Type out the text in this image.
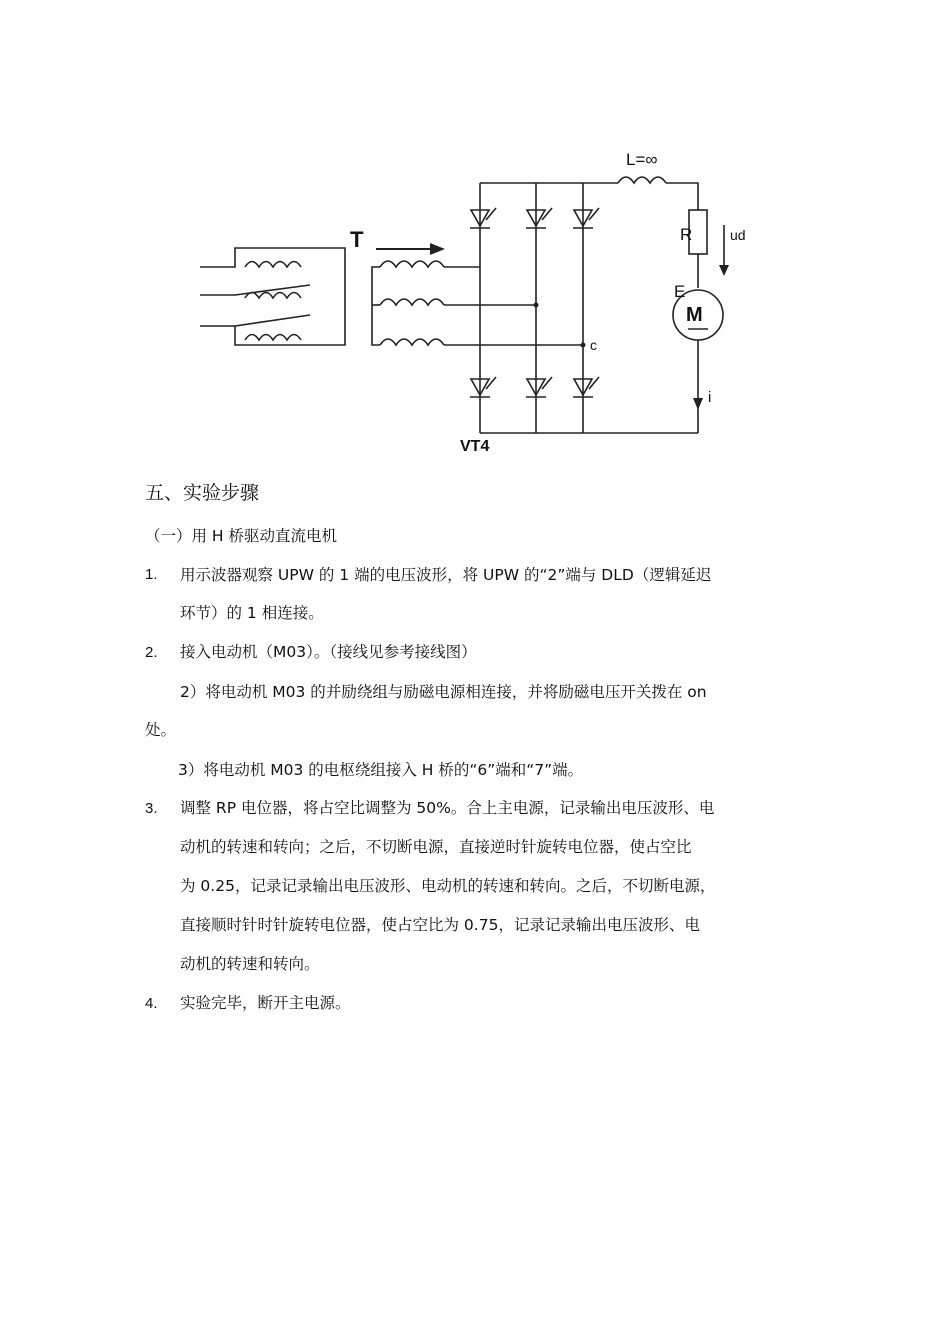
T
L=∞
R	ud
E
M
c
i
VT4
五、实验步骤
（一）用 H 桥驱动直流电机
1. 用示波器观察 UPW 的 1 端的电压波形，将 UPW 的“2”端与 DLD（逻辑延迟
环节）的 1 相连接。
2. 接入电动机（M03）。（接线见参考接线图）
2）将电动机 M03 的并励绕组与励磁电源相连接，并将励磁电压开关拨在 on
处。
3）将电动机 M03 的电枢绕组接入 H 桥的“6”端和“7”端。
3. 调整 RP 电位器，将占空比调整为 50%。合上主电源，记录输出电压波形、电
动机的转速和转向；之后，不切断电源，直接逆时针旋转电位器，使占空比
为 0.25，记录记录输出电压波形、电动机的转速和转向。之后，不切断电源，
直接顺时针时针旋转电位器，使占空比为 0.75，记录记录输出电压波形、电
动机的转速和转向。
4. 实验完毕，断开主电源。
